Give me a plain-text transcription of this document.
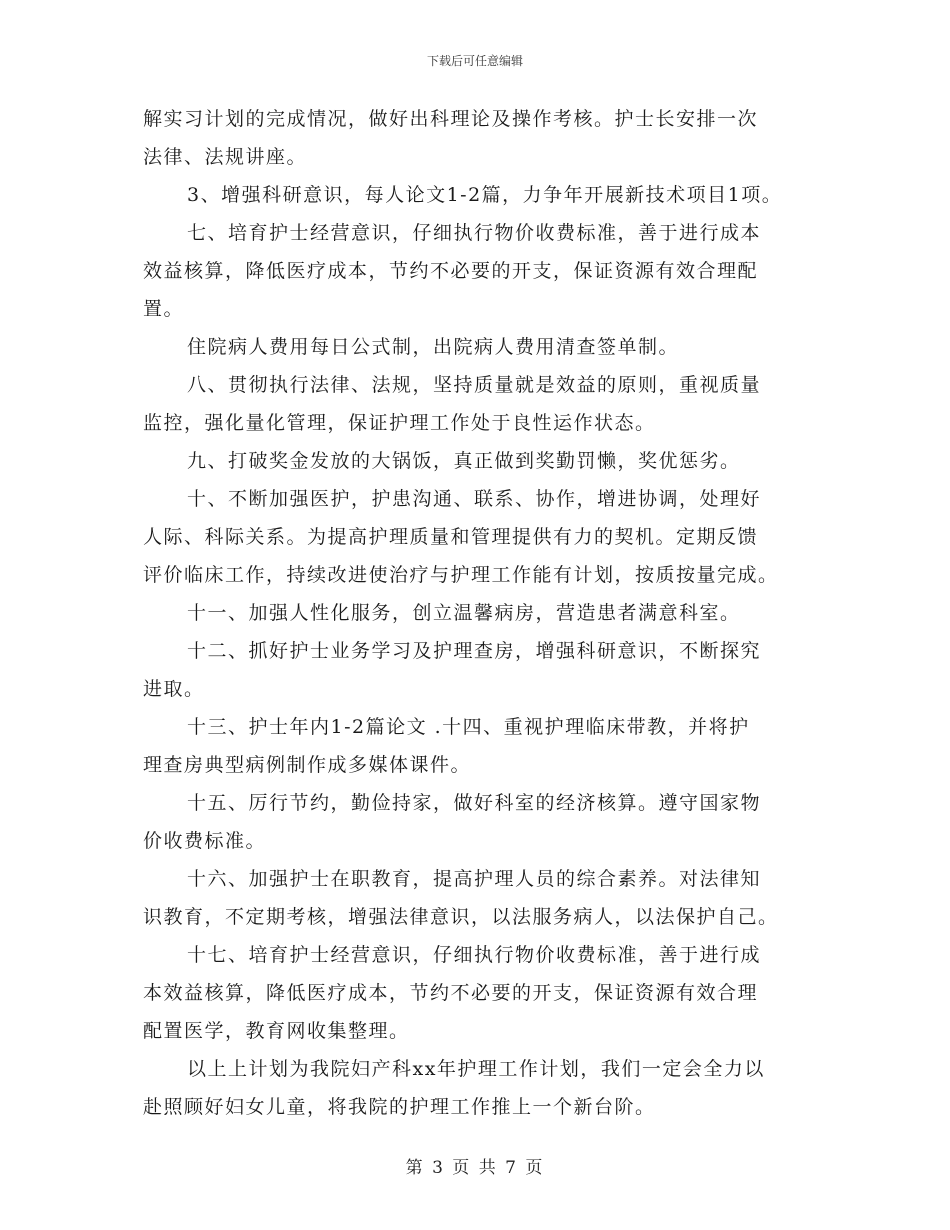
下载后可任意编辑
解实习计划的完成情况，做好出科理论及操作考核。护士长安排一次
法律、法规讲座。
3、增强科研意识，每人论文1-2篇，力争年开展新技术项目1项。
七、培育护士经营意识，仔细执行物价收费标准，善于进行成本
效益核算，降低医疗成本，节约不必要的开支，保证资源有效合理配
置。
住院病人费用每日公式制，出院病人费用清查签单制。
八、贯彻执行法律、法规，坚持质量就是效益的原则，重视质量
监控，强化量化管理，保证护理工作处于良性运作状态。
九、打破奖金发放的大锅饭，真正做到奖勤罚懒，奖优惩劣。
十、不断加强医护，护患沟通、联系、协作，增进协调，处理好
人际、科际关系。为提高护理质量和管理提供有力的契机。定期反馈
评价临床工作，持续改进使治疗与护理工作能有计划，按质按量完成。
十一、加强人性化服务，创立温馨病房，营造患者满意科室。
十二、抓好护士业务学习及护理查房，增强科研意识，不断探究
进取。
十三、护士年内1-2篇论文 .十四、重视护理临床带教，并将护
理查房典型病例制作成多媒体课件。
十五、厉行节约，勤俭持家，做好科室的经济核算。遵守国家物
价收费标准。
十六、加强护士在职教育，提高护理人员的综合素养。对法律知
识教育，不定期考核，增强法律意识，以法服务病人，以法保护自己。
十七、培育护士经营意识，仔细执行物价收费标准，善于进行成
本效益核算，降低医疗成本，节约不必要的开支，保证资源有效合理
配置医学，教育网收集整理。
以上上计划为我院妇产科xx年护理工作计划，我们一定会全力以
赴照顾好妇女儿童，将我院的护理工作推上一个新台阶。
第 3 页 共 7 页
